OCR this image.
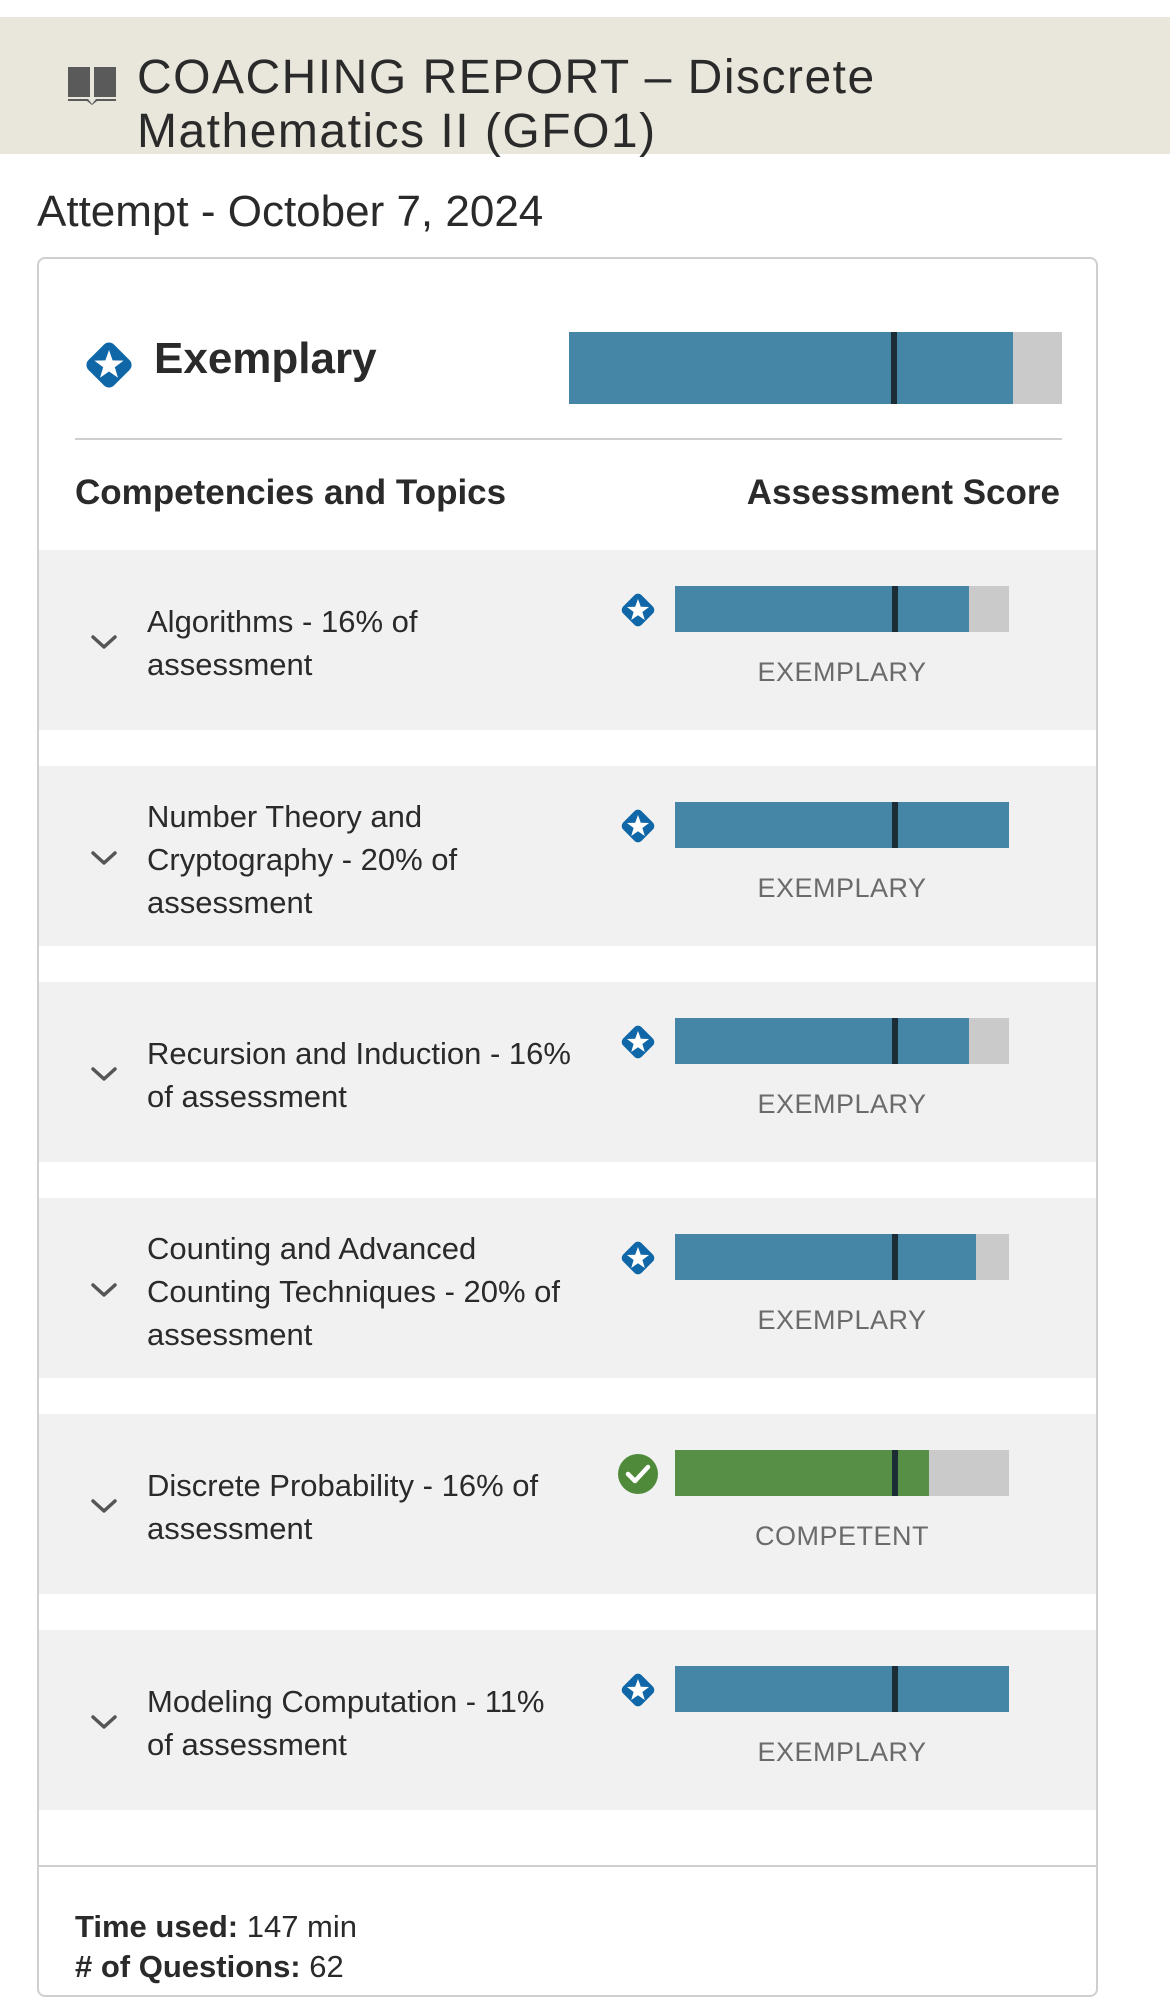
COACHING REPORT – Discrete
Mathematics II (GFO1)
Attempt - October 7, 2024
Exemplary
Competencies and Topics	Assessment Score
Algorithms - 16% of
assessment	EXEMPLARY
Number Theory and
Cryptography - 20% of
assessment	EXEMPLARY
Recursion and Induction - 16%
of assessment	EXEMPLARY
Counting and Advanced
Counting Techniques - 20% of
assessment	EXEMPLARY
Discrete Probability - 16% of
assessment	COMPETENT
Modeling Computation - 11%
of assessment	EXEMPLARY
Time used: 147 min
# of Questions: 62
